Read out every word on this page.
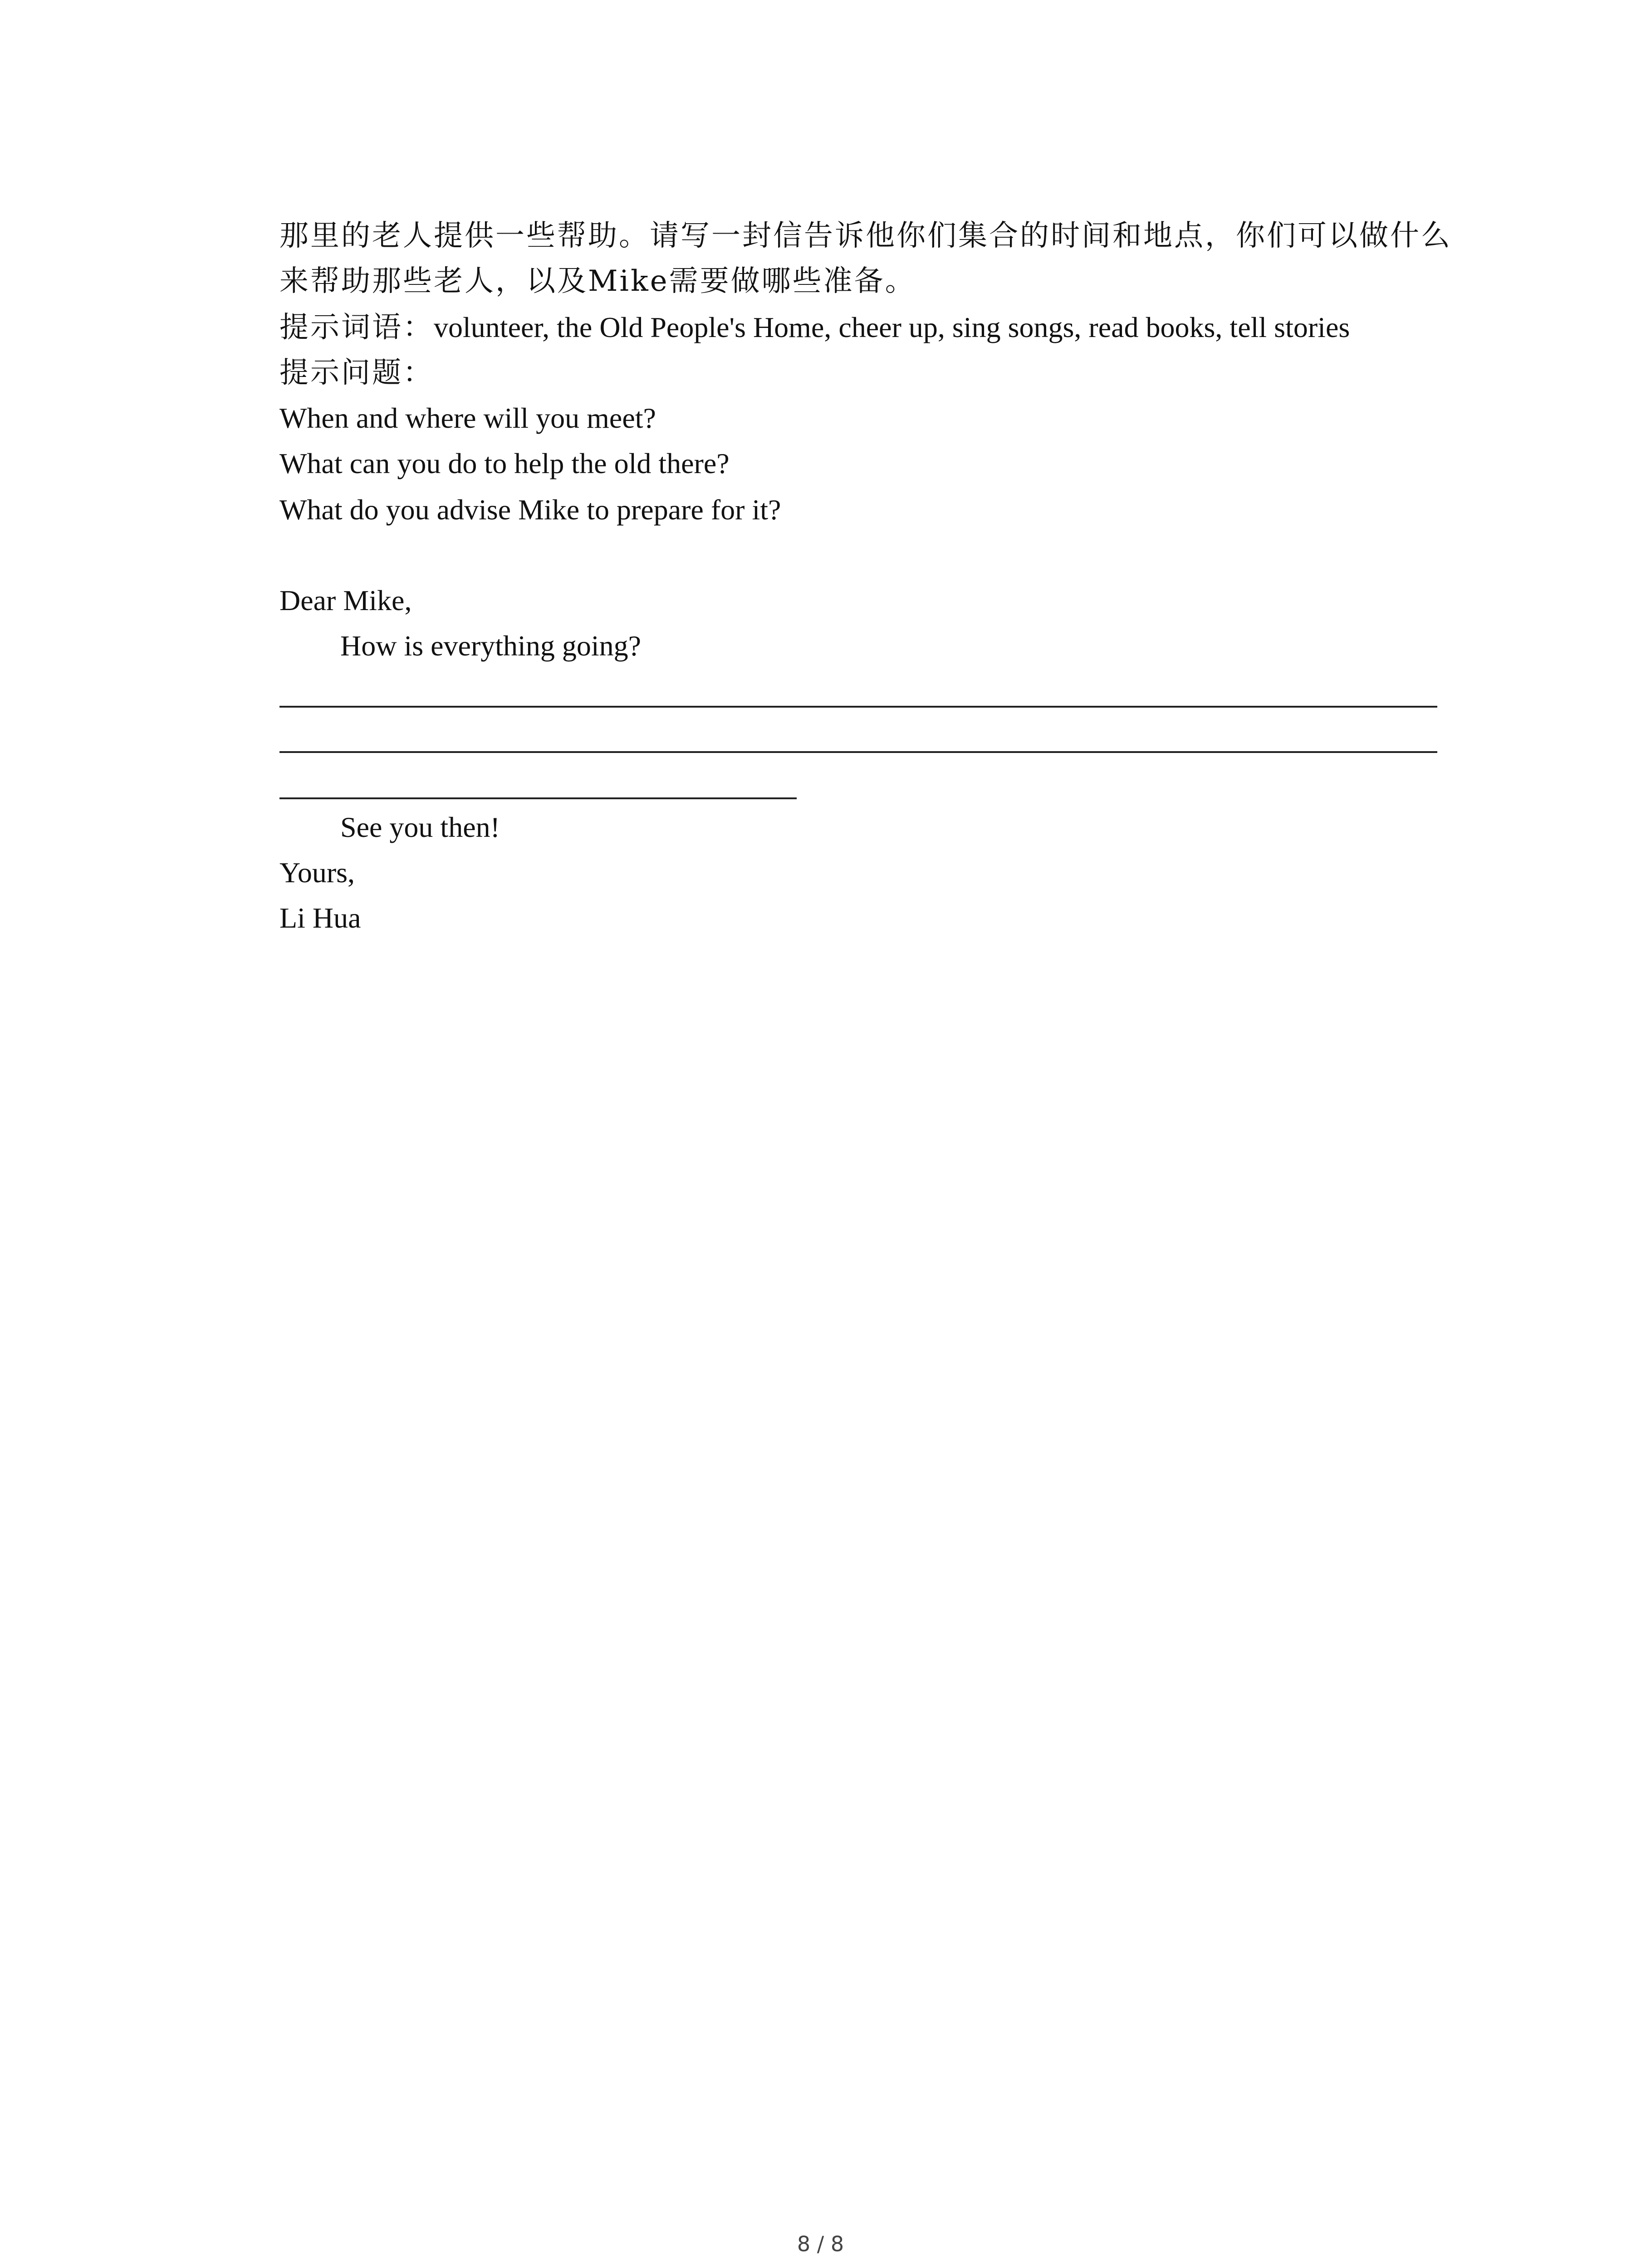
那里的老人提供一些帮助。请写一封信告诉他你们集合的时间和地点，你们可以做什么
来帮助那些老人，以及Mike需要做哪些准备。
提示词语：volunteer, the Old People's Home, cheer up, sing songs, read books, tell stories
提示问题：
When and where will you meet?
What can you do to help the old there?
What do you advise Mike to prepare for it?
Dear Mike,
How is everything going?
See you then!
Yours,
Li Hua
8 / 8
